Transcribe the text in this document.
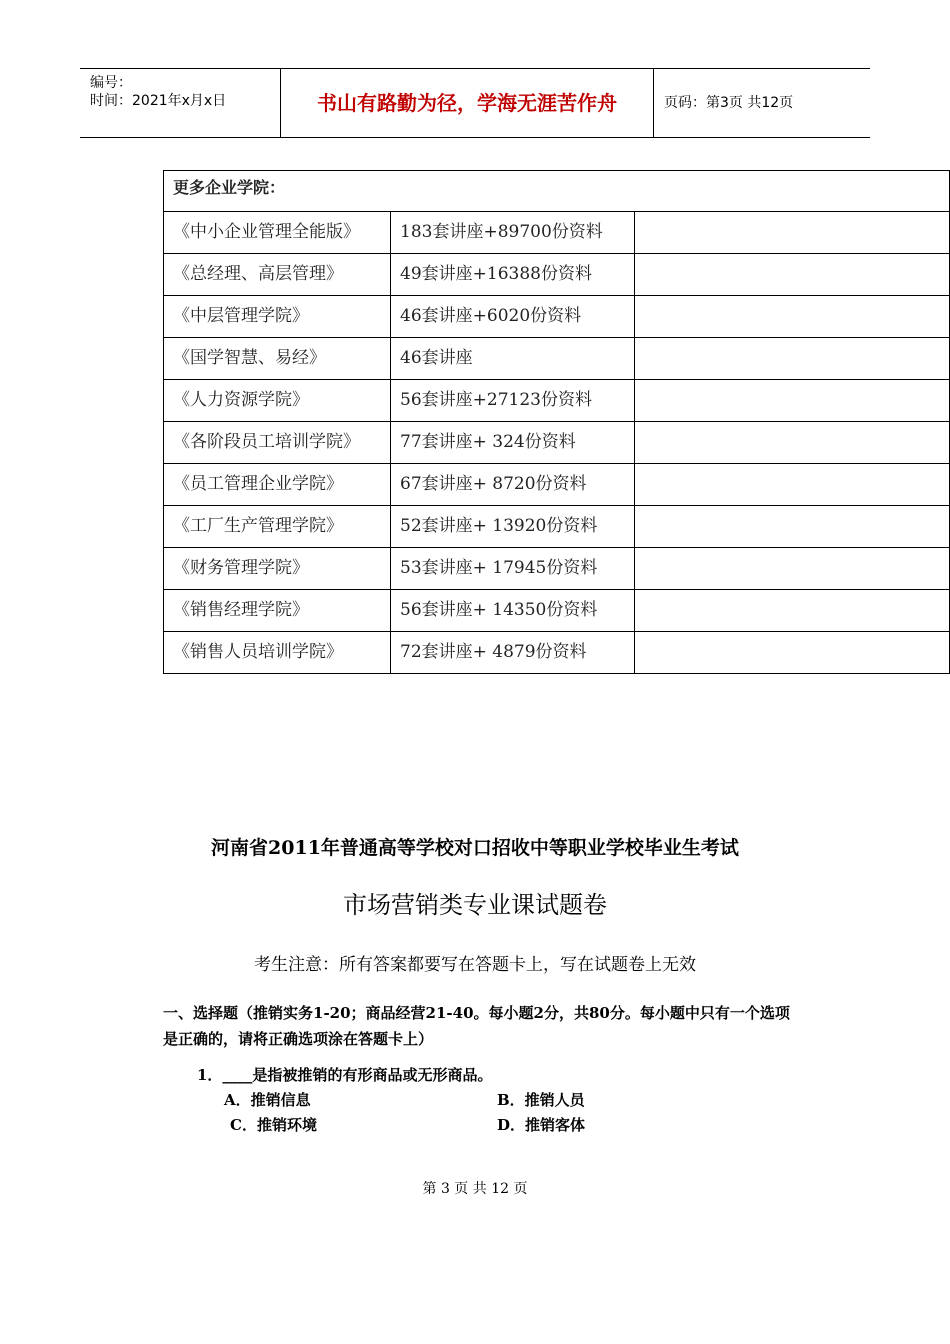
编号：
时间：2021年x月x日	书山有路勤为径，学海无涯苦作舟	页码：第3页 共12页
更多企业学院：		
《中小企业管理全能版》	183套讲座+89700份资料	
《总经理、高层管理》	49套讲座+16388份资料	
《中层管理学院》	46套讲座+6020份资料	
《国学智慧、易经》	46套讲座	
《人力资源学院》	56套讲座+27123份资料	
《各阶段员工培训学院》	77套讲座+ 324份资料	
《员工管理企业学院》	67套讲座+ 8720份资料	
《工厂生产管理学院》	52套讲座+ 13920份资料	
《财务管理学院》	53套讲座+ 17945份资料	
《销售经理学院》	56套讲座+ 14350份资料	
《销售人员培训学院》	72套讲座+ 4879份资料	
河南省2011年普通高等学校对口招收中等职业学校毕业生考试
市场营销类专业课试题卷
考生注意：所有答案都要写在答题卡上，写在试题卷上无效
一、选择题（推销实务1-20；商品经营21-40。每小题2分，共80分。每小题中只有一个选项是正确的，请将正确选项涂在答题卡上）
1．____是指被推销的有形商品或无形商品。
A．推销信息	B．推销人员
C．推销环境	D．推销客体
第 3 页 共 12 页
